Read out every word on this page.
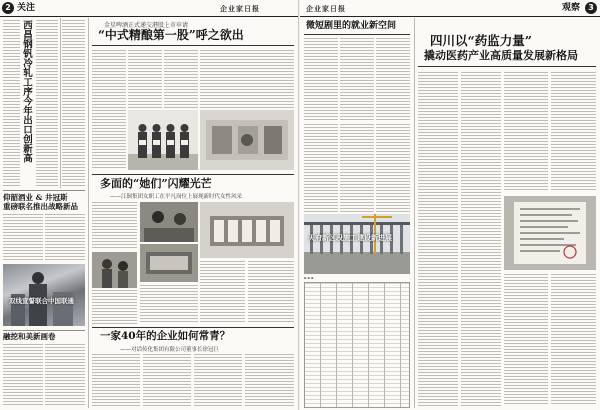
2 关注	企业家日报
西昌钢钒冷轧工序今年出口创新高
仰韶酒业 & 井冠斯
重磅联名推出战略新品
双线宣誓联合中国联通
融挖和美新画卷
金星啤酒正式递交港股上市申请
“中式精酿第一股”呼之欲出
多面的“她们”闪耀光芒
——江铜集团女职工在平凡岗位上展现新时代女性风采
一家40年的企业如何常青？
——对话传化集团有限公司董事长徐冠巨
企业家日报	观察	3
微短剧里的就业新空间
天府新区段施工建设新进展
▪ ▪ ▪
四川以“药监力量”
撬动医药产业高质量发展新格局
